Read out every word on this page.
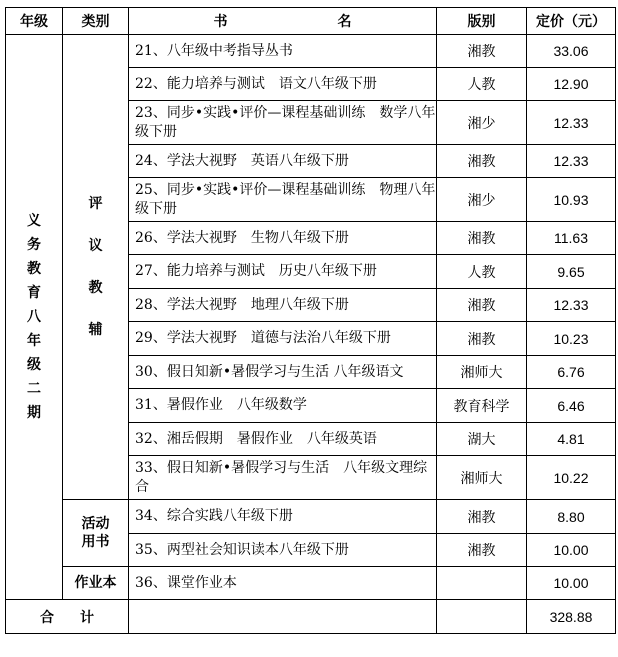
年级	类别	书 名	版别	定价（元）
义务教育八年级二期	评议教辅	21、八年级中考指导丛书	湘教	33.06
		22、能力培养与测试　语文八年级下册	人教	12.90
		23、同步•实践•评价—课程基础训练　数学八年级下册	湘少	12.33
		24、学法大视野　英语八年级下册	湘教	12.33
		25、同步•实践•评价—课程基础训练　物理八年级下册	湘少	10.93
		26、学法大视野　生物八年级下册	湘教	11.63
		27、能力培养与测试　历史八年级下册	人教	9.65
		28、学法大视野　地理八年级下册	湘教	12.33
		29、学法大视野　道德与法治八年级下册	湘教	10.23
		30、假日知新•暑假学习与生活 八年级语文	湘师大	6.76
		31、暑假作业　八年级数学	教育科学	6.46
		32、湘岳假期　暑假作业　八年级英语	湖大	4.81
		33、假日知新•暑假学习与生活　八年级文理综合	湘师大	10.22
	活动用书	34、综合实践八年级下册	湘教	8.80
		35、两型社会知识读本八年级下册	湘教	10.00
	作业本	36、课堂作业本		10.00
合计				328.88
